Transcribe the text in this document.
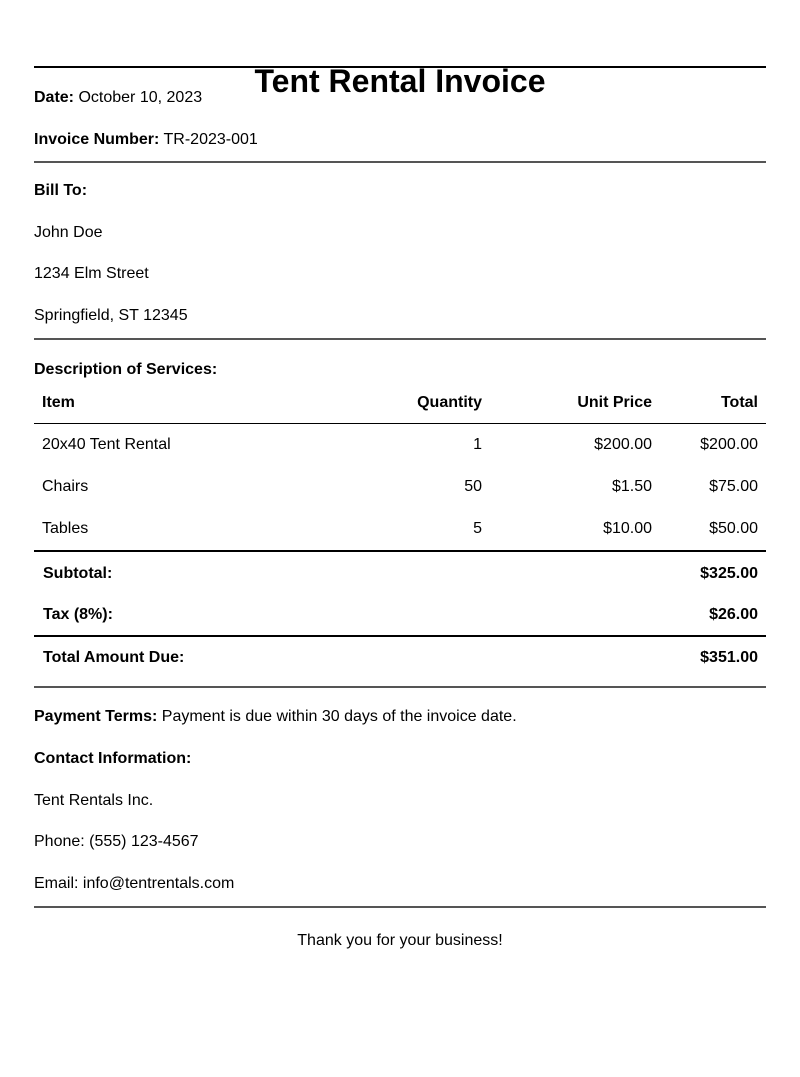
Tent Rental Invoice

Date: October 10, 2023

Invoice Number: TR-2023-001

Bill To:

John Doe

1234 Elm Street

Springfield, ST 12345

Description of Services:

Item	Quantity	Unit Price	Total
20x40 Tent Rental	1	$200.00	$200.00
Chairs	50	$1.50	$75.00
Tables	5	$10.00	$50.00
Subtotal:			$325.00
Tax (8%):			$26.00
Total Amount Due:			$351.00

Payment Terms: Payment is due within 30 days of the invoice date.

Contact Information:

Tent Rentals Inc.

Phone: (555) 123-4567

Email: info@tentrentals.com

Thank you for your business!
